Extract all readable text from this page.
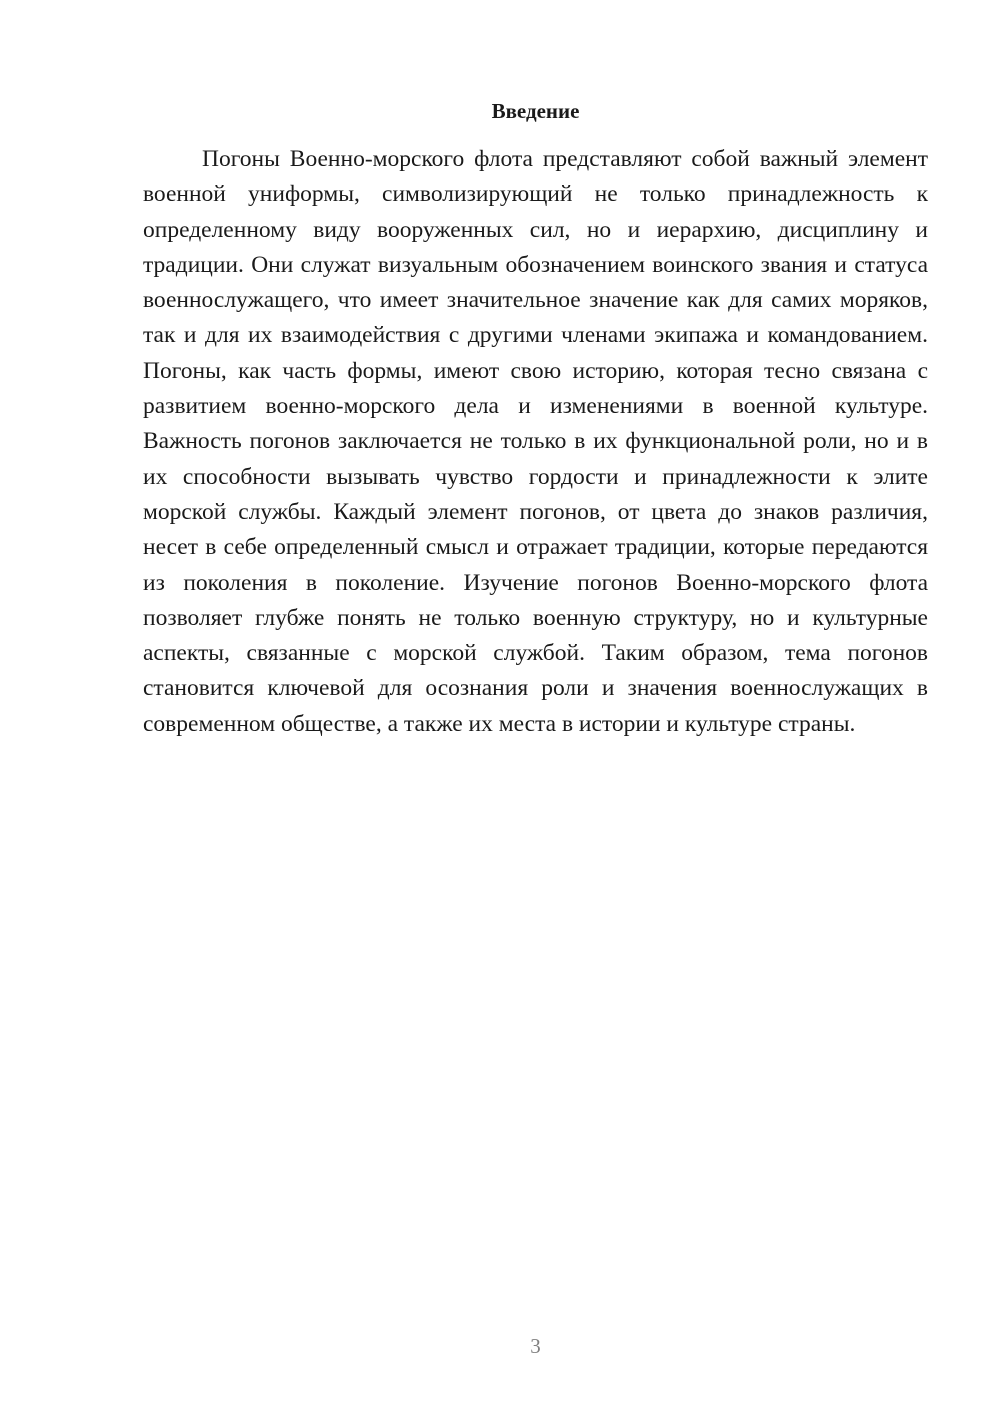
Введение

Погоны Военно-морского флота представляют собой важный элемент военной униформы, символизирующий не только принадлежность к определенному виду вооруженных сил, но и иерархию, дисциплину и традиции. Они служат визуальным обозначением воинского звания и статуса военнослужащего, что имеет значительное значение как для самих моряков, так и для их взаимодействия с другими членами экипажа и командованием. Погоны, как часть формы, имеют свою историю, которая тесно связана с развитием военно-морского дела и изменениями в военной культуре. Важность погонов заключается не только в их функциональной роли, но и в их способности вызывать чувство гордости и принадлежности к элите морской службы. Каждый элемент погонов, от цвета до знаков различия, несет в себе определенный смысл и отражает традиции, которые передаются из поколения в поколение. Изучение погонов Военно-морского флота позволяет глубже понять не только военную структуру, но и культурные аспекты, связанные с морской службой. Таким образом, тема погонов становится ключевой для осознания роли и значения военнослужащих в современном обществе, а также их места в истории и культуре страны.

3
